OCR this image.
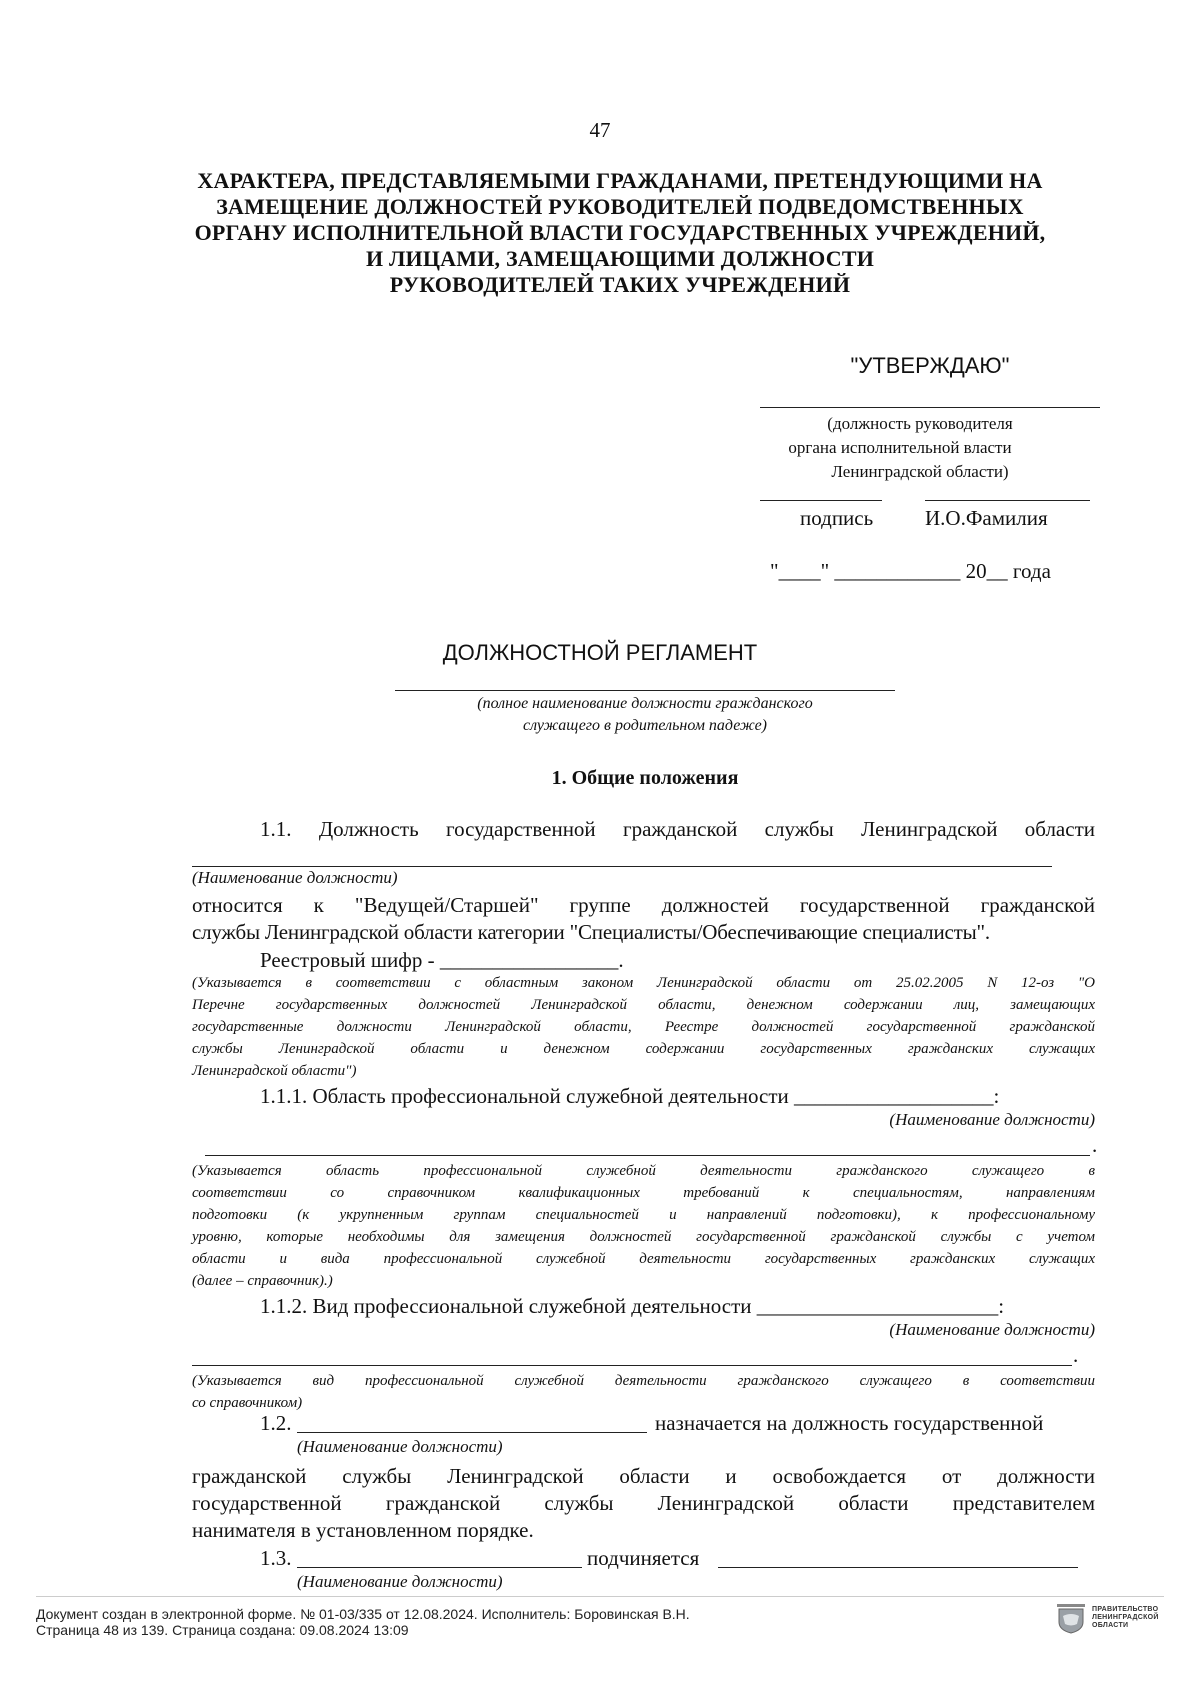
47
ХАРАКТЕРА, ПРЕДСТАВЛЯЕМЫМИ ГРАЖДАНАМИ, ПРЕТЕНДУЮЩИМИ НА
ЗАМЕЩЕНИЕ ДОЛЖНОСТЕЙ РУКОВОДИТЕЛЕЙ ПОДВЕДОМСТВЕННЫХ
ОРГАНУ ИСПОЛНИТЕЛЬНОЙ ВЛАСТИ ГОСУДАРСТВЕННЫХ УЧРЕЖДЕНИЙ,
И ЛИЦАМИ, ЗАМЕЩАЮЩИМИ ДОЛЖНОСТИ
РУКОВОДИТЕЛЕЙ ТАКИХ УЧРЕЖДЕНИЙ
"УТВЕРЖДАЮ"
(должность руководителя
органа исполнительной власти
Ленинградской области)
подпись И.О.Фамилия
"____" ____________ 20__ года
ДОЛЖНОСТНОЙ РЕГЛАМЕНТ
(полное наименование должности гражданского
служащего в родительном падеже)
1. Общие положения
1.1. Должность государственной гражданской службы Ленинградской области
(Наименование должности)
относится к "Ведущей/Старшей" группе должностей государственной гражданской
службы Ленинградской области категории "Специалисты/Обеспечивающие специалисты".
Реестровый шифр - _________________.
(Указывается в соответствии с областным законом Ленинградской области от 25.02.2005 N 12-оз "О
Перечне государственных должностей Ленинградской области, денежном содержании лиц, замещающих
государственные должности Ленинградской области, Реестре должностей государственной гражданской
службы Ленинградской области и денежном содержании государственных гражданских служащих
Ленинградской области")
1.1.1. Область профессиональной служебной деятельности ___________________:
(Наименование должности)
.
(Указывается область профессиональной служебной деятельности гражданского служащего в
соответствии со справочником квалификационных требований к специальностям, направлениям
подготовки (к укрупненным группам специальностей и направлений подготовки), к профессиональному
уровню, которые необходимы для замещения должностей государственной гражданской службы с учетом
области и вида профессиональной служебной деятельности государственных гражданских служащих
(далее – справочник).)
1.1.2. Вид профессиональной служебной деятельности _______________________:
(Наименование должности)
.
(Указывается вид профессиональной служебной деятельности гражданского служащего в соответствии
со справочником)
1.2.	назначается на должность государственной
(Наименование должности)
гражданской службы Ленинградской области и освобождается от должности
государственной гражданской службы Ленинградской области представителем
нанимателя в установленном порядке.
1.3.	подчиняется
(Наименование должности)
Документ создан в электронной форме. № 01-03/335 от 12.08.2024. Исполнитель: Боровинская В.Н.
Страница 48 из 139. Страница создана: 09.08.2024 13:09
ПРАВИТЕЛЬСТВО
ЛЕНИНГРАДСКОЙ
ОБЛАСТИ
